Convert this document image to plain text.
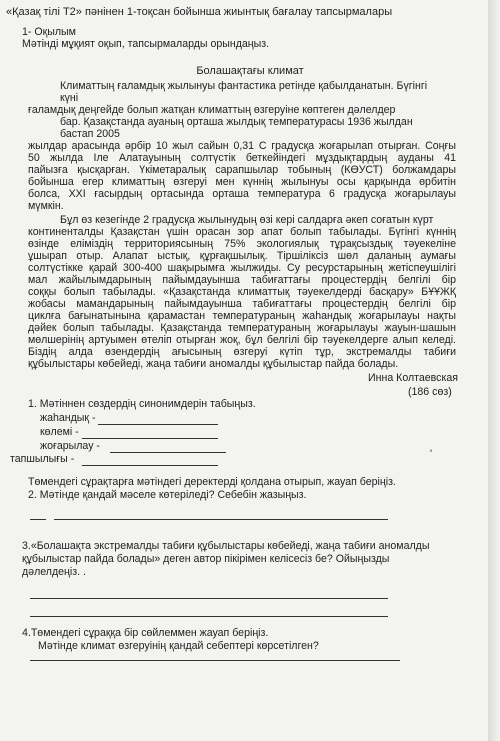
«Қазақ тілі Т2» пәнінен 1-тоқсан бойынша жиынтық бағалау тапсырмалары
1- Оқылым
Мәтінді мұқият оқып, тапсырмаларды орындаңыз.
Болашақтағы климат
Климаттың ғаламдық жылынуы фантастика ретінде қабылданатын. Бүгінгі
күні
ғаламдық деңгейде болып жатқан климаттың өзгеруіне көптеген дәлелдер
бар. Қазақстанда ауаның орташа жылдық температурасы 1936 жылдан
бастап 2005
жылдар арасында әрбір 10 жыл сайын 0,31 С градусқа жоғарылап отырған. Соңғы
50 жылда Іле Алатауының солтүстік беткейіндегі мұздықтардың ауданы 41
пайызға қысқарған. Үкіметаралық сарапшылар тобының (КӨУСТ) болжамдары
бойынша егер климаттың өзгеруі мен күннің жылынуы осы қарқында өрбитін
болса, XXI ғасырдың ортасында орташа температура 6 градусқа жоғарылауы
мүмкін.
Бұл өз кезегінде 2 градусқа жылынудың өзі кері салдарға әкеп соғатын күрт
континенталды Қазақстан үшін орасан зор апат болып табылады. Бүгінгі күннің
өзінде еліміздің территориясының 75% экологиялық тұрақсыздық тәуекеліне
ұшырап отыр. Алапат ыстық, құрғақшылық. Тіршіліксіз шөл даланың аумағы
солтүстікке қарай 300-400 шақырымға жылжиды. Су ресурстарының жетіспеушілігі
мал жайылымдарының пайымдауынша табиғаттағы процестердің белгілі бір
соққы болып табылады. «Қазақстанда климаттық тәуекелдерді басқару» БҰҰЖҚ
жобасы мамандарының пайымдауынша табиғаттағы процестердің белгілі бір
циклға бағынатынына қарамастан температураның жаһандық жоғарылауы нақты
дәйек болып табылады. Қазақстанда температураның жоғарылауы жауын-шашын
мөлшерінің артуымен өтеліп отырған жоқ, бұл белгілі бір тәуекелдерге алып келеді.
Біздің алда өзендердің ағысының өзгеруі күтіп тұр, экстремалды табиғи
құбылыстары көбейеді, жаңа табиғи аномалды құбылыстар пайда болады.
Инна Колтаевская
(186 сөз)
1. Мәтіннен сөздердің синонимдерін табыңыз.
жаһандық -
көлемі -
жоғарылау -
тапшылығы -	'
Төмендегі сұрақтарға мәтіндегі деректерді қолдана отырып, жауап беріңіз.
2. Мәтінде қандай мәселе көтеріледі? Себебін жазыңыз.
3.«Болашақта экстремалды табиғи құбылыстары көбейеді, жаңа табиғи аномалды
құбылыстар пайда болады» деген автор пікірімен келісесіз бе? Ойыңызды
дәлелдеңіз. .
4.Төмендегі сұраққа бір сөйлеммен жауап беріңіз.
Мәтінде климат өзгеруінің қандай себептері көрсетілген?
